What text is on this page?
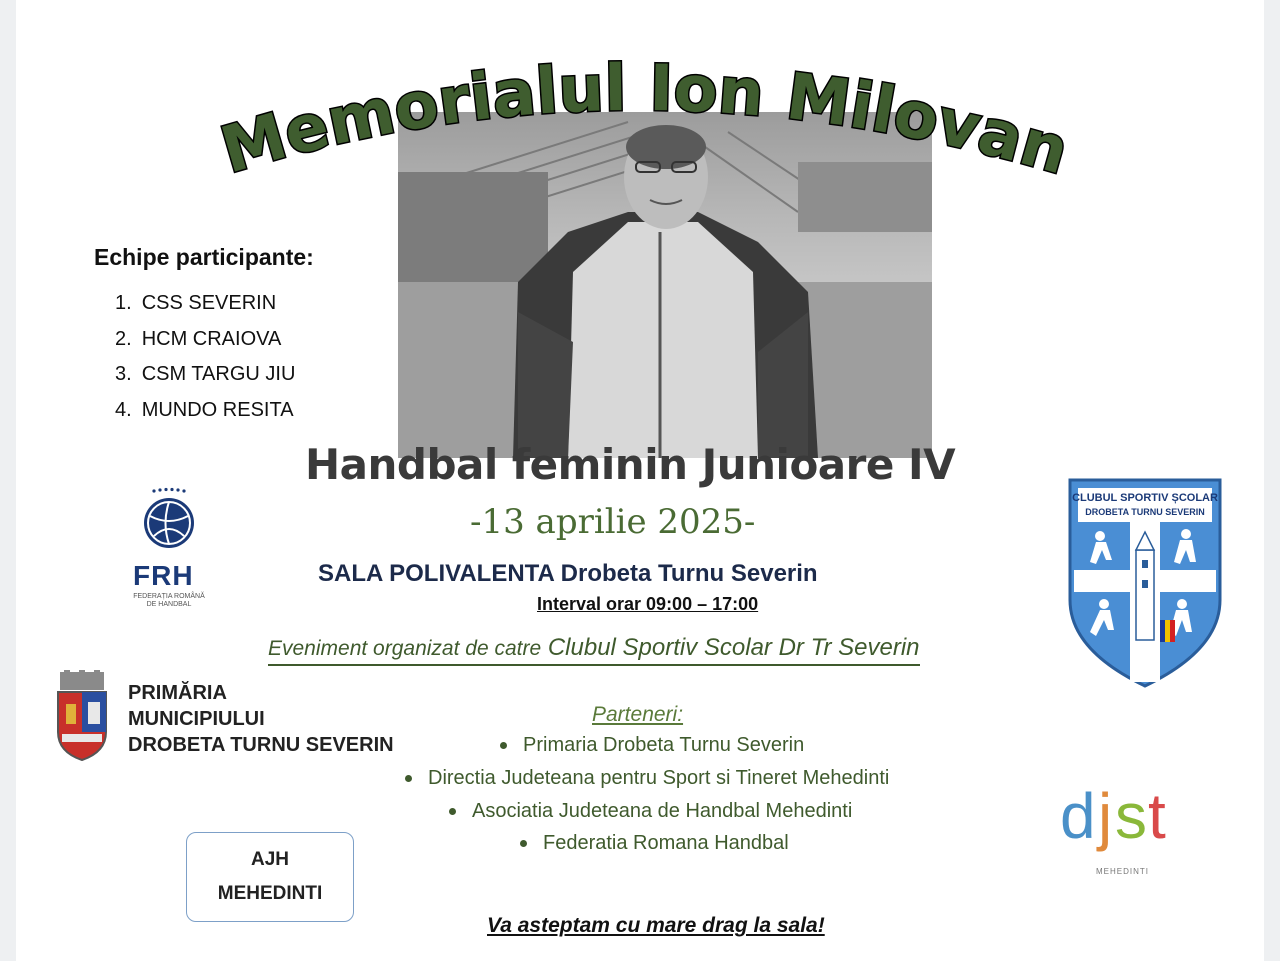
Memorialul Ion Milovan
Echipe participante:
1. CSS SEVERIN
2. HCM CRAIOVA
3. CSM TARGU JIU
4. MUNDO RESITA
Handbal feminin Junioare IV
-13 aprilie 2025-
SALA POLIVALENTA Drobeta Turnu Severin
Interval orar 09:00 – 17:00
Eveniment organizat de catre Clubul Sportiv Scolar Dr Tr Severin
FRH
FEDERAȚIA ROMÂNĂ
DE HANDBAL
CLUBUL SPORTIV ȘCOLAR
DROBETA TURNU SEVERIN
PRIMĂRIA
MUNICIPIULUI
DROBETA TURNU SEVERIN
Parteneri:
Primaria Drobeta Turnu Severin
Directia Judeteana pentru Sport si Tineret Mehedinti
Asociatia Judeteana de Handbal Mehedinti
Federatia Romana Handbal
AJH
MEHEDINTI
d j s t
MEHEDINTI
Va asteptam cu mare drag la sala!
